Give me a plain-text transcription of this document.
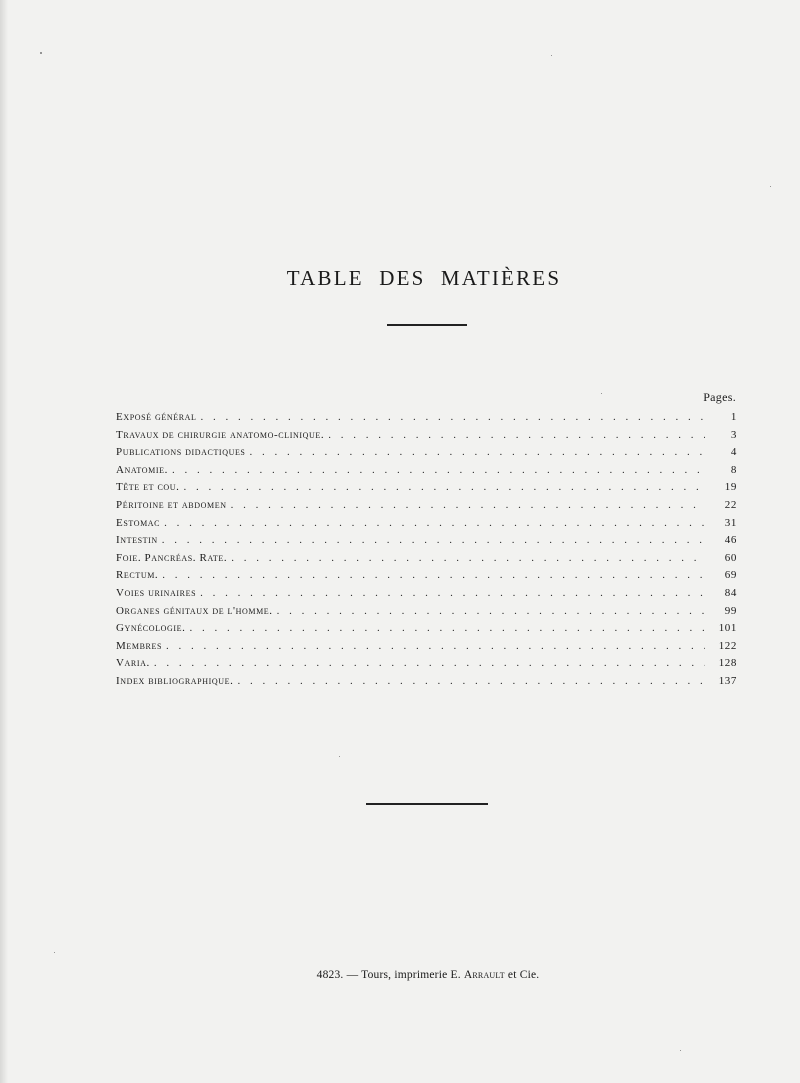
TABLE DES MATIÈRES
Pages.
Exposé général . . .	1
Travaux de chirurgie anatomo-clinique. . . .	3
Publications didactiques . . .	4
Anatomie. . . .	8
Tête et cou. . . .	19
Péritoine et abdomen . . .	22
Estomac . . .	31
Intestin . . .	46
Foie. Pancréas. Rate. . . .	60
Rectum. . . .	69
Voies urinaires . . .	84
Organes génitaux de l'homme. . . .	99
Gynécologie. . . .	101
Membres . . .	122
Varia. . . .	128
Index bibliographique. . . .	137
4823. — Tours, imprimerie E. Arrault et Cie.
